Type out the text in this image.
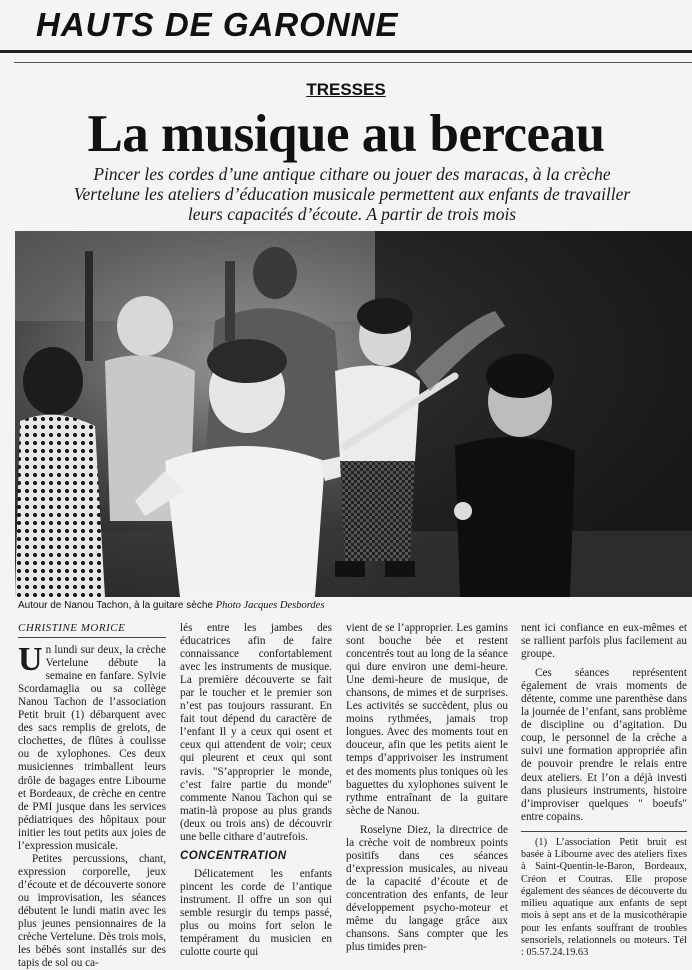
HAUTS DE GARONNE
TRESSES
La musique au berceau
Pincer les cordes d’une antique cithare ou jouer des maracas, à la crèche
Vertelune les ateliers d’éducation musicale permettent aux enfants de travailler
leurs capacités d’écoute. A partir de trois mois
Autour de Nanou Tachon, à la guitare sèche Photo Jacques Desbordes
CHRISTINE MORICE

Un lundi sur deux, la crèche Vertelune débute la semaine en fanfare. Sylvie Scordamaglia ou sa collège Nanou Tachon de l’association Petit bruit (1) débarquent avec des sacs remplis de grelots, de clochettes, de flûtes à coulisse ou de xylophones. Ces deux musiciennes trimballent leurs drôle de bagages entre Libourne et Bordeaux, de crèche en centre de PMI jusque dans les services pédiatriques des hôpitaux pour initier les tout petits aux joies de l’expression musicale.

Petites percussions, chant, expression corporelle, jeux d’écoute et de découverte sonore ou improvisation, les séances débutent le lundi matin avec les plus jeunes pensionnaires de la crèche Vertelune. Dès trois mois, les bébés sont installés sur des tapis de sol ou ca-

lés entre les jambes des éducatrices afin de faire connaissance confortablement avec les instruments de musique. La première découverte se fait par le toucher et le premier son n’est pas toujours rassurant. En fait tout dépend du caractère de l’enfant Il y a ceux qui osent et ceux qui attendent de voir; ceux qui pleurent et ceux qui sont ravis. "S’approprier le monde, c’est faire partie du monde" commente Nanou Tachon qui se matin-là propose au plus grands (deux ou trois ans) de découvrir une belle cithare d’autrefois.

CONCENTRATION

Délicatement les enfants pincent les corde de l’antique instrument. Il offre un son qui semble resurgir du temps passé, plus ou moins fort selon le tempérament du musicien en culotte courte qui

vient de se l’approprier. Les gamins sont bouche bée et restent concentrés tout au long de la séance qui dure environ une demi-heure. Une demi-heure de musique, de chansons, de mimes et de surprises. Les activités se succèdent, plus ou moins rythmées, jamais trop longues. Avec des moments tout en douceur, afin que les petits aient le temps d’apprivoiser les instrument et des moments plus toniques où les baguettes du xylophones suivent le rythme entraînant de la guitare sèche de Nanou.

Roselyne Diez, la directrice de la crèche voit de nombreux points positifs dans ces séances d’expression musicales, au niveau de la capacité d’écoute et de concentration des enfants, de leur développement psycho-moteur et même du langage grâce aux chansons. Sans compter que les plus timides pren-

nent ici confiance en eux-mêmes et se rallient parfois plus facilement au groupe.

Ces séances représentent également de vrais moments de détente, comme une parenthèse dans la journée de l’enfant, sans problème de discipline ou d’agitation. Du coup, le personnel de la crèche a suivi une formation appropriée afin de pouvoir prendre le relais entre deux ateliers. Et l’on a déjà investi dans plusieurs instruments, histoire d’improviser quelques " boeufs" entre copains.

(1) L’association Petit bruit est basée à Libourne avec des ateliers fixes à Saint-Quentin-le-Baron, Bordeaux, Créon et Coutras. Elle propose également des séances de découverte du milieu aquatique aux enfants de sept mois à sept ans et de la musicothérapie pour les enfants souffrant de troubles sensoriels, relationnels ou moteurs. Tél : 05.57.24.19.63
